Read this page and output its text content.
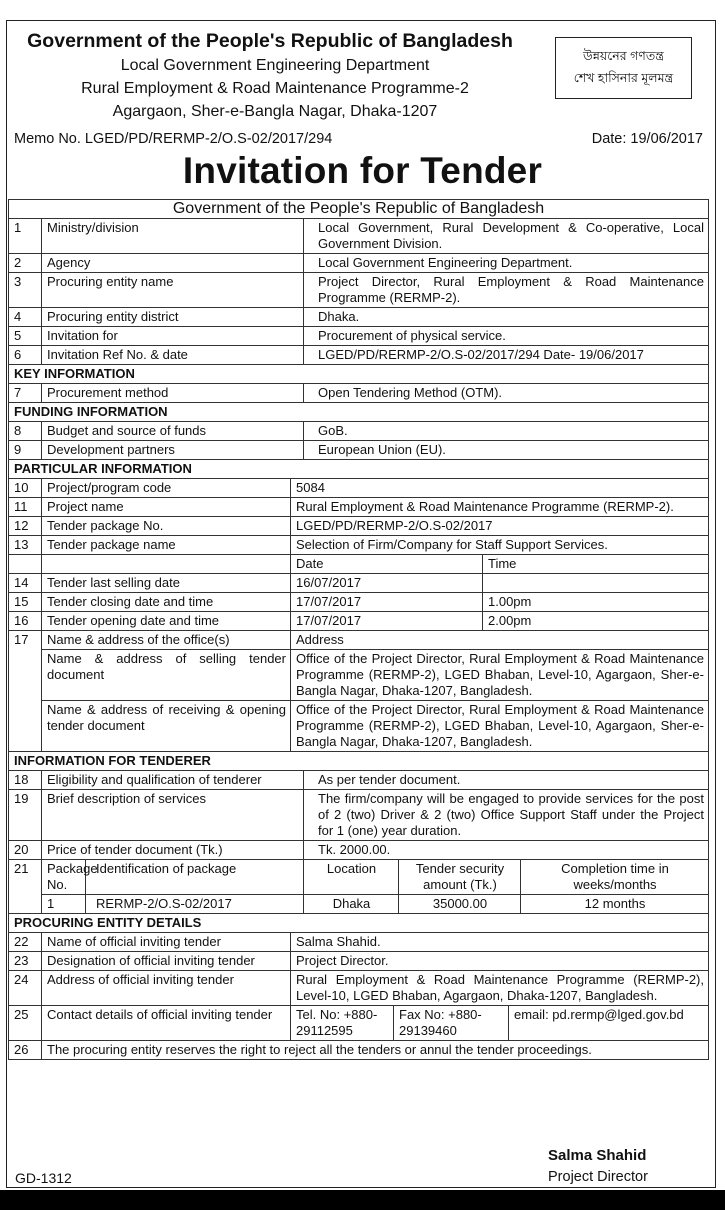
Government of the People's Republic of Bangladesh
Local Government Engineering Department
Rural Employment & Road Maintenance Programme-2
Agargaon, Sher-e-Bangla Nagar, Dhaka-1207
উন্নয়নের গণতন্ত্র
শেখ হাসিনার মূলমন্ত্র
Memo No. LGED/PD/RERMP-2/O.S-02/2017/294	Date: 19/06/2017
Invitation for Tender
Government of the People's Republic of Bangladesh									
1	Ministry/division			Local Government, Rural Development & Co-operative, Local Government Division.					
2	Agency			Local Government Engineering Department.					
3	Procuring entity name			Project Director, Rural Employment & Road Maintenance Programme (RERMP-2).					
4	Procuring entity district			Dhaka.					
5	Invitation for			Procurement of physical service.					
6	Invitation Ref No. & date			LGED/PD/RERMP-2/O.S-02/2017/294 Date- 19/06/2017					
KEY INFORMATION									
7	Procurement method			Open Tendering Method (OTM).					
FUNDING INFORMATION									
8	Budget and source of funds			GoB.					
9	Development partners			European Union (EU).					
PARTICULAR INFORMATION									
10	Project/program code		5084						
11	Project name		Rural Employment & Road Maintenance Programme (RERMP-2).						
12	Tender package No.		LGED/PD/RERMP-2/O.S-02/2017						
13	Tender package name		Selection of Firm/Company for Staff Support Services.						
			Date				Time		
14	Tender last selling date		16/07/2017						
15	Tender closing date and time		17/07/2017				1.00pm		
16	Tender opening date and time		17/07/2017				2.00pm		
17	Name & address of the office(s)		Address						
	Name & address of selling tender document		Office of the Project Director, Rural Employment & Road Maintenance Programme (RERMP-2), LGED Bhaban, Level-10, Agargaon, Sher-e-Bangla Nagar, Dhaka-1207, Bangladesh.						
	Name & address of receiving & opening tender document		Office of the Project Director, Rural Employment & Road Maintenance Programme (RERMP-2), LGED Bhaban, Level-10, Agargaon, Sher-e-Bangla Nagar, Dhaka-1207, Bangladesh.						
INFORMATION FOR TENDERER									
18	Eligibility and qualification of tenderer			As per tender document.					
19	Brief description of services			The firm/company will be engaged to provide services for the post of 2 (two) Driver & 2 (two) Office Support Staff under the Project for 1 (one) year duration.					
20	Price of tender document (Tk.)			Tk. 2000.00.					
21	Package No.	Identification of package		Location		Tender security amount (Tk.)			Completion time in weeks/months
	1	RERMP-2/O.S-02/2017		Dhaka		35000.00			12 months
PROCURING ENTITY DETAILS									
22	Name of official inviting tender		Salma Shahid.						
23	Designation of official inviting tender		Project Director.						
24	Address of official inviting tender		Rural Employment & Road Maintenance Programme (RERMP-2), Level-10, LGED Bhaban, Agargaon, Dhaka-1207, Bangladesh.						
25	Contact details of official inviting tender		Tel. No: +880-29112595		Fax No: +880-29139460			email: pd.rermp@lged.gov.bd	
26	The procuring entity reserves the right to reject all the tenders or annul the tender proceedings.								
Salma Shahid
Project Director
GD-1312
